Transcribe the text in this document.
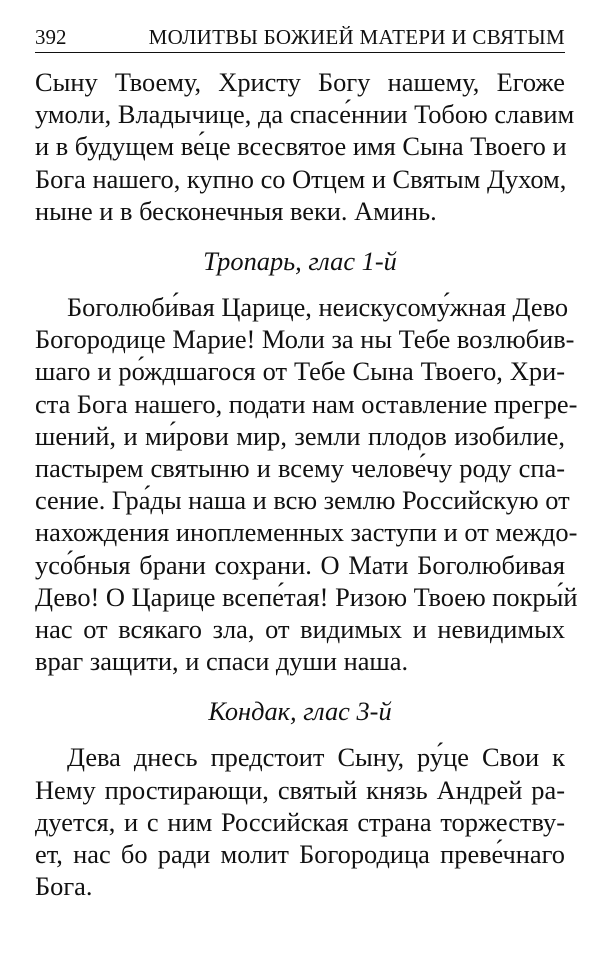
392	МОЛИТВЫ БОЖИЕЙ МАТЕРИ И СВЯТЫМ

Сыну Твоему, Христу Богу нашему, Егоже
умоли, Владычице, да спасе́ннии Тобою славим
и в будущем ве́це всесвятое имя Сына Твоего и
Бога нашего, купно со Отцем и Святым Духом,
ныне и в бесконечныя веки. Аминь.

Тропарь, глас 1-й

Боголюби́вая Царице, неискусому́жная Дево
Богородице Марие! Моли за ны Тебе возлюбив-
шаго и ро́ждшагося от Тебе Сына Твоего, Хри-
ста Бога нашего, подати нам оставление прегре-
шений, и ми́рови мир, земли плодов изобилие,
пастырем святыню и всему челове́чу роду спа-
сение. Гра́ды наша и всю землю Российскую от
нахождения иноплеменных заступи и от междо-
усо́бныя брани сохрани. О Мати Боголюбивая
Дево! О Царице всепе́тая! Ризою Твоею покры́й
нас от всякаго зла, от видимых и невидимых
враг защити, и спаси души наша.

Кондак, глас 3-й

Дева днесь предстоит Сыну, ру́це Свои к
Нему простирающи, святый князь Андрей ра-
дуется, и с ним Российская страна торжеству-
ет, нас бо ради молит Богородица преве́чнаго
Бога.
